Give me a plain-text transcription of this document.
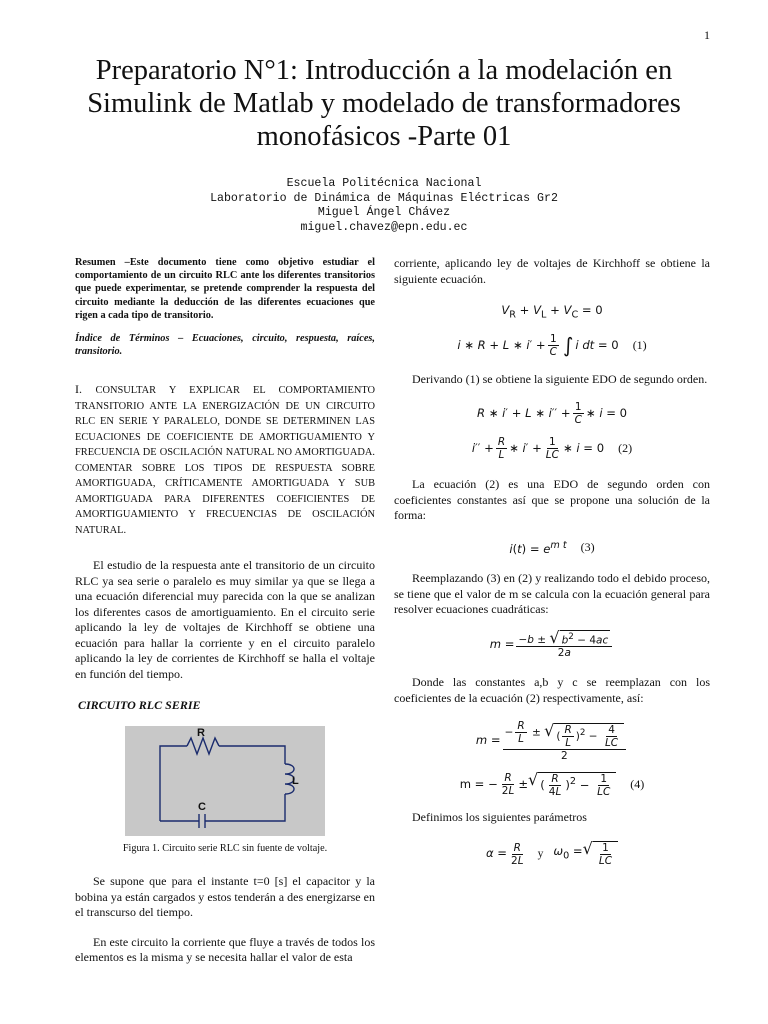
1
Preparatorio N°1: Introducción a la modelación en Simulink de Matlab y modelado de transformadores monofásicos -Parte 01
Escuela Politécnica Nacional
Laboratorio de Dinámica de Máquinas Eléctricas Gr2
Miguel Ángel Chávez
miguel.chavez@epn.edu.ec

Resumen –Este documento tiene como objetivo estudiar el comportamiento de un circuito RLC ante los diferentes transitorios que puede experimentar, se pretende comprender la respuesta del circuito mediante la deducción de las diferentes ecuaciones que rigen a cada tipo de transitorio.

Índice de Términos – Ecuaciones, circuito, respuesta, raíces, transitorio.

I. CONSULTAR Y EXPLICAR EL COMPORTAMIENTO TRANSITORIO ANTE LA ENERGIZACIÓN DE UN CIRCUITO RLC EN SERIE Y PARALELO, DONDE SE DETERMINEN LAS ECUACIONES DE COEFICIENTE DE AMORTIGUAMIENTO Y FRECUENCIA DE OSCILACIÓN NATURAL NO AMORTIGUADA. COMENTAR SOBRE LOS TIPOS DE RESPUESTA SOBRE AMORTIGUADA, CRÍTICAMENTE AMORTIGUADA Y SUB AMORTIGUADA PARA DIFERENTES COEFICIENTES DE AMORTIGUAMIENTO Y FRECUENCIAS DE OSCILACIÓN NATURAL.

El estudio de la respuesta ante el transitorio de un circuito RLC ya sea serie o paralelo es muy similar ya que se llega a una ecuación diferencial muy parecida con la que se analizan los diferentes casos de amortiguamiento. En el circuito serie aplicando la ley de voltajes de Kirchhoff se obtiene una ecuación para hallar la corriente y en el circuito paralelo aplicando la ley de corrientes de Kirchhoff se halla el voltaje en función del tiempo.

CIRCUITO RLC SERIE

R
L
C

Figura 1. Circuito serie RLC sin fuente de voltaje.

Se supone que para el instante t=0 [s] el capacitor y la bobina ya están cargados y estos tenderán a des energizarse en el transcurso del tiempo.

En este circuito la corriente que fluye a través de todos los elementos es la misma y se necesita hallar el valor de esta

corriente, aplicando ley de voltajes de Kirchhoff se obtiene la siguiente ecuación.

$V_R + V_L + V_C = 0$
i ∗ R + L ∗ $i' + \frac{1}{C}$ ∫ i dt = 0 (1)

Derivando (1) se obtiene la siguiente EDO de segundo orden.

R ∗ i′ + L ∗ $i'' + \frac{1}{C}$ ∗ i = 0
$i'' + \frac{R}{L}$ ∗ $i' + \frac{1}{LC}$ ∗ i = 0 (2)

La ecuación (2) es una EDO de segundo orden con coeficientes constantes así que se propone una solución de la forma:

$i(t) = e^{m t}$ (3)

Reemplazando (3) en (2) y realizando todo el debido proceso, se tiene que el valor de m se calcula con la ecuación general para resolver ecuaciones cuadráticas:

$m = \frac{-b \pm √ b^2 - 4ac}{2a}$

Donde las constantes a,b y c se reemplazan con los coeficientes de la ecuación (2) respectivamente, así:

$m = \frac{- \frac{R}{L} \pm √ ( \frac{R}{L} )^2 - \frac{4}{LC}}{2}$
m = − $\frac{R}{2L}$ ± √ ( $\frac{R}{4L} )^2 - \frac{1}{LC} (4)$

Definimos los siguientes parámetros

$\alpha = \frac{R}{2L}$ y $\omega_0$ = √ $\frac{1}{LC}$
